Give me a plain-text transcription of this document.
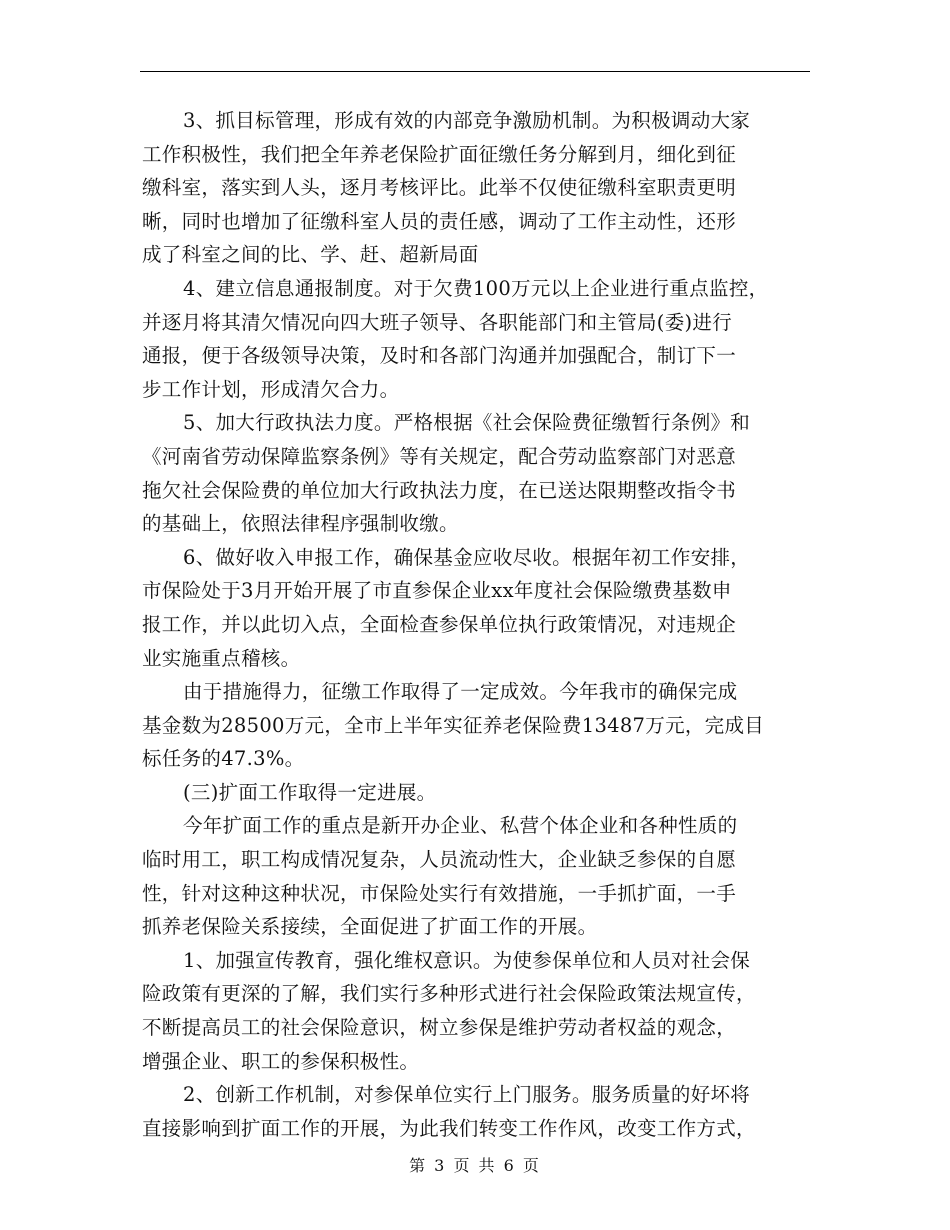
3、抓目标管理，形成有效的内部竞争激励机制。为积极调动大家
工作积极性，我们把全年养老保险扩面征缴任务分解到月，细化到征
缴科室，落实到人头，逐月考核评比。此举不仅使征缴科室职责更明
晰，同时也增加了征缴科室人员的责任感，调动了工作主动性，还形
成了科室之间的比、学、赶、超新局面
4、建立信息通报制度。对于欠费100万元以上企业进行重点监控，
并逐月将其清欠情况向四大班子领导、各职能部门和主管局(委)进行
通报，便于各级领导决策，及时和各部门沟通并加强配合，制订下一
步工作计划，形成清欠合力。
5、加大行政执法力度。严格根据《社会保险费征缴暂行条例》和
《河南省劳动保障监察条例》等有关规定，配合劳动监察部门对恶意
拖欠社会保险费的单位加大行政执法力度，在已送达限期整改指令书
的基础上，依照法律程序强制收缴。
6、做好收入申报工作，确保基金应收尽收。根据年初工作安排，
市保险处于3月开始开展了市直参保企业xx年度社会保险缴费基数申
报工作，并以此切入点，全面检查参保单位执行政策情况，对违规企
业实施重点稽核。
由于措施得力，征缴工作取得了一定成效。今年我市的确保完成
基金数为28500万元，全市上半年实征养老保险费13487万元，完成目
标任务的47.3%。
(三)扩面工作取得一定进展。
今年扩面工作的重点是新开办企业、私营个体企业和各种性质的
临时用工，职工构成情况复杂，人员流动性大，企业缺乏参保的自愿
性，针对这种这种状况，市保险处实行有效措施，一手抓扩面，一手
抓养老保险关系接续，全面促进了扩面工作的开展。
1、加强宣传教育，强化维权意识。为使参保单位和人员对社会保
险政策有更深的了解，我们实行多种形式进行社会保险政策法规宣传，
不断提高员工的社会保险意识，树立参保是维护劳动者权益的观念，
增强企业、职工的参保积极性。
2、创新工作机制，对参保单位实行上门服务。服务质量的好坏将
直接影响到扩面工作的开展，为此我们转变工作作风，改变工作方式，
第 3 页 共 6 页
